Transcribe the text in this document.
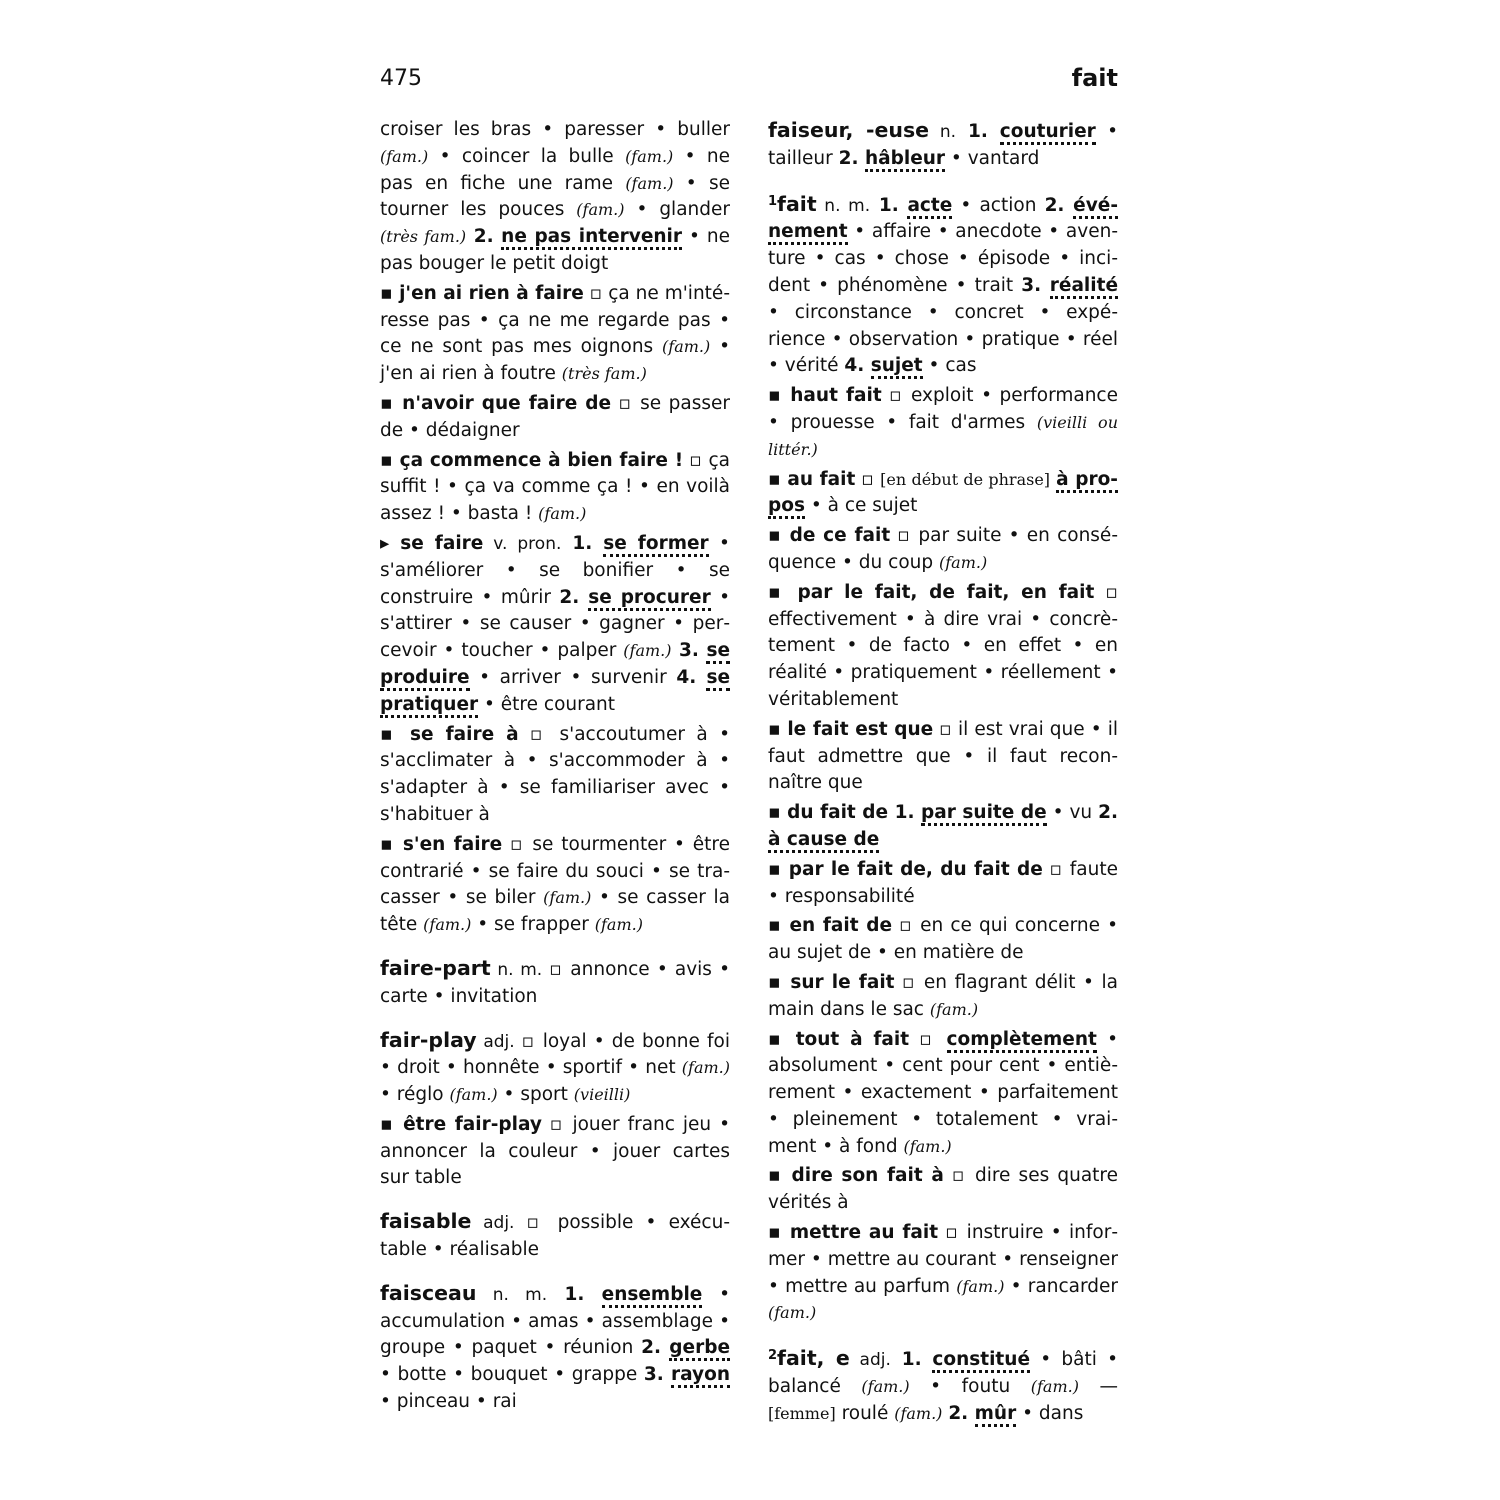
475	fait

croiser les bras • paresser • buller (fam.) • coincer la bulle (fam.) • ne pas en fiche une rame (fam.) • se tourner les pouces (fam.) • glander (très fam.) 2. ne pas intervenir • ne pas bouger le petit doigt

▪ j'en ai rien à faire ▫ ça ne m'intéresse pas • ça ne me regarde pas • ce ne sont pas mes oignons (fam.) • j'en ai rien à foutre (très fam.)

▪ n'avoir que faire de ▫ se passer de • dédaigner

▪ ça commence à bien faire ! ▫ ça suffit ! • ça va comme ça ! • en voilà assez ! • basta ! (fam.)

▸ se faire v. pron. 1. se former • s'améliorer • se bonifier • se construire • mûrir 2. se procurer • s'attirer • se causer • gagner • percevoir • toucher • palper (fam.) 3. se produire • arriver • survenir 4. se pratiquer • être courant

▪ se faire à ▫ s'accoutumer à • s'acclimater à • s'accommoder à • s'adapter à • se familiariser avec • s'habituer à

▪ s'en faire ▫ se tourmenter • être contrarié • se faire du souci • se tracasser • se biler (fam.) • se casser la tête (fam.) • se frapper (fam.)

faire-part n. m. ▫ annonce • avis • carte • invitation

fair-play adj. ▫ loyal • de bonne foi • droit • honnête • sportif • net (fam.) • réglo (fam.) • sport (vieilli)

▪ être fair-play ▫ jouer franc jeu • annoncer la couleur • jouer cartes sur table

faisable adj. ▫ possible • exécutable • réalisable

faisceau n. m. 1. ensemble • accumulation • amas • assemblage • groupe • paquet • réunion 2. gerbe • botte • bouquet • grappe 3. rayon • pinceau • rai

faiseur, -euse n. 1. couturier • tailleur 2. hâbleur • vantard

$^1$fait n. m. 1. acte • action 2. événement • affaire • anecdote • aventure • cas • chose • épisode • incident • phénomène • trait 3. réalité • circonstance • concret • expérience • observation • pratique • réel • vérité 4. sujet • cas

▪ haut fait ▫ exploit • performance • prouesse • fait d'armes (vieilli ou littér.)

▪ au fait ▫ [en début de phrase] à propos • à ce sujet

▪ de ce fait ▫ par suite • en conséquence • du coup (fam.)

▪ par le fait, de fait, en fait ▫ effectivement • à dire vrai • concrètement • de facto • en effet • en réalité • pratiquement • réellement • véritablement

▪ le fait est que ▫ il est vrai que • il faut admettre que • il faut reconnaître que

▪ du fait de 1. par suite de • vu 2. à cause de

▪ par le fait de, du fait de ▫ faute • responsabilité

▪ en fait de ▫ en ce qui concerne • au sujet de • en matière de

▪ sur le fait ▫ en flagrant délit • la main dans le sac (fam.)

▪ tout à fait ▫ complètement • absolument • cent pour cent • entièrement • exactement • parfaitement • pleinement • totalement • vraiment • à fond (fam.)

▪ dire son fait à ▫ dire ses quatre vérités à

▪ mettre au fait ▫ instruire • informer • mettre au courant • renseigner • mettre au parfum (fam.) • rancarder (fam.)

$^2$fait, e adj. 1. constitué • bâti • balancé (fam.) • foutu (fam.) — [femme] roulé (fam.) 2. mûr • dans
